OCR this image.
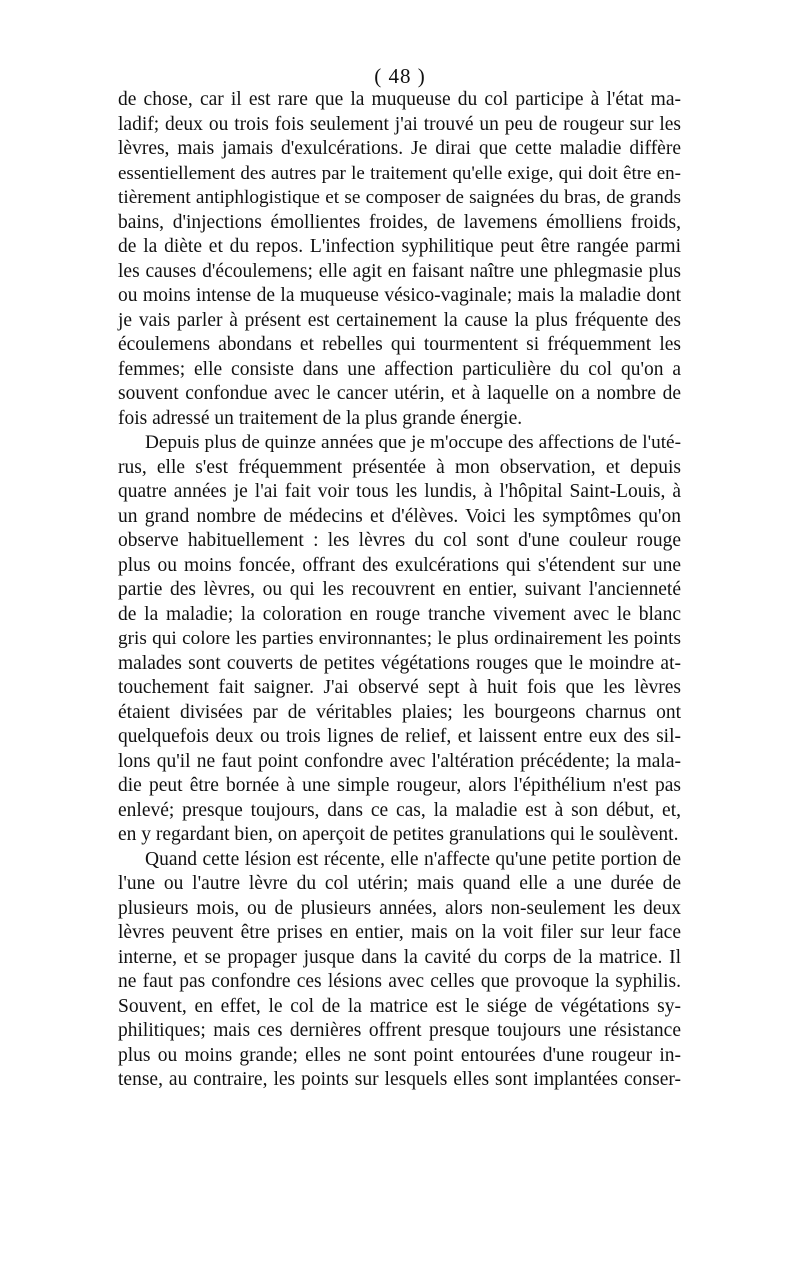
( 48 )
de chose, car il est rare que la muqueuse du col participe à l'état ma-
ladif; deux ou trois fois seulement j'ai trouvé un peu de rougeur sur les
lèvres, mais jamais d'exulcérations. Je dirai que cette maladie diffère
essentiellement des autres par le traitement qu'elle exige, qui doit être en-
tièrement antiphlogistique et se composer de saignées du bras, de grands
bains, d'injections émollientes froides, de lavemens émolliens froids,
de la diète et du repos. L'infection syphilitique peut être rangée parmi
les causes d'écoulemens; elle agit en faisant naître une phlegmasie plus
ou moins intense de la muqueuse vésico-vaginale; mais la maladie dont
je vais parler à présent est certainement la cause la plus fréquente des
écoulemens abondans et rebelles qui tourmentent si fréquemment les
femmes; elle consiste dans une affection particulière du col qu'on a
souvent confondue avec le cancer utérin, et à laquelle on a nombre de
fois adressé un traitement de la plus grande énergie.
Depuis plus de quinze années que je m'occupe des affections de l'uté-
rus, elle s'est fréquemment présentée à mon observation, et depuis
quatre années je l'ai fait voir tous les lundis, à l'hôpital Saint-Louis, à
un grand nombre de médecins et d'élèves. Voici les symptômes qu'on
observe habituellement : les lèvres du col sont d'une couleur rouge
plus ou moins foncée, offrant des exulcérations qui s'étendent sur une
partie des lèvres, ou qui les recouvrent en entier, suivant l'ancienneté
de la maladie; la coloration en rouge tranche vivement avec le blanc
gris qui colore les parties environnantes; le plus ordinairement les points
malades sont couverts de petites végétations rouges que le moindre at-
touchement fait saigner. J'ai observé sept à huit fois que les lèvres
étaient divisées par de véritables plaies; les bourgeons charnus ont
quelquefois deux ou trois lignes de relief, et laissent entre eux des sil-
lons qu'il ne faut point confondre avec l'altération précédente; la mala-
die peut être bornée à une simple rougeur, alors l'épithélium n'est pas
enlevé; presque toujours, dans ce cas, la maladie est à son début, et,
en y regardant bien, on aperçoit de petites granulations qui le soulèvent.
Quand cette lésion est récente, elle n'affecte qu'une petite portion de
l'une ou l'autre lèvre du col utérin; mais quand elle a une durée de
plusieurs mois, ou de plusieurs années, alors non-seulement les deux
lèvres peuvent être prises en entier, mais on la voit filer sur leur face
interne, et se propager jusque dans la cavité du corps de la matrice. Il
ne faut pas confondre ces lésions avec celles que provoque la syphilis.
Souvent, en effet, le col de la matrice est le siége de végétations sy-
philitiques; mais ces dernières offrent presque toujours une résistance
plus ou moins grande; elles ne sont point entourées d'une rougeur in-
tense, au contraire, les points sur lesquels elles sont implantées conser-
